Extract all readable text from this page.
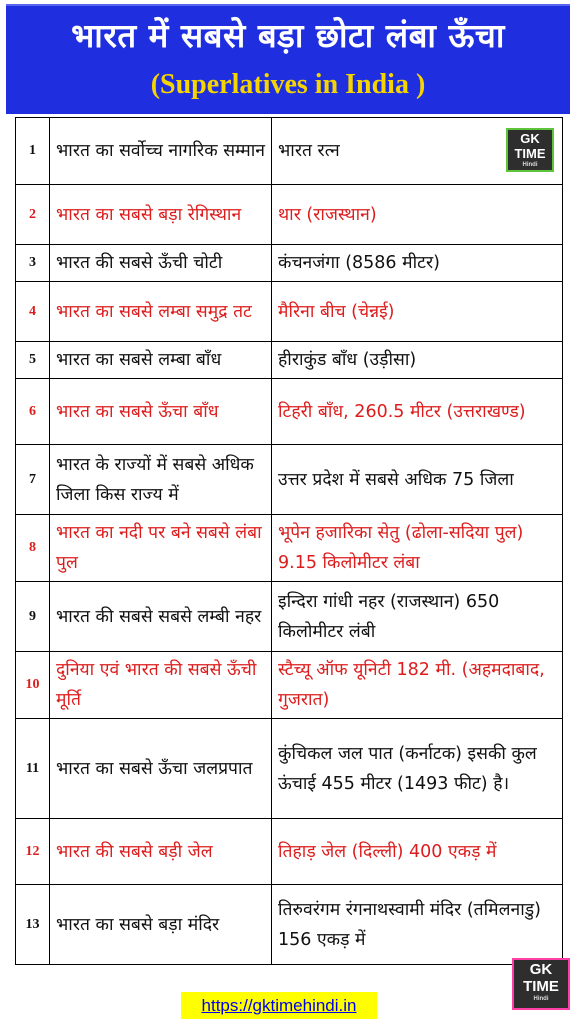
भारत में सबसे बड़ा छोटा लंबा ऊँचा
(Superlatives in India )
1	भारत का सर्वोच्च नागरिक सम्मान	भारत रत्न
GK
TIME
Hindi

2	भारत का सबसे बड़ा रेगिस्थान	थार (राजस्थान)
3	भारत की सबसे ऊँची चोटी	कंचनजंगा (8586 मीटर)
4	भारत का सबसे लम्बा समुद्र तट	मैरिना बीच (चेन्नई)
5	भारत का सबसे लम्बा बाँध	हीराकुंड बाँध (उड़ीसा)
6	भारत का सबसे ऊँचा बाँध	टिहरी बाँध, 260.5 मीटर (उत्तराखण्ड)
7	भारत के राज्यों में सबसे अधिक जिला किस राज्य में	उत्तर प्रदेश में सबसे अधिक 75 जिला
8	भारत का नदी पर बने सबसे लंबा पुल	भूपेन हजारिका सेतु (ढोला-सदिया पुल) 9.15 किलोमीटर लंबा
9	भारत की सबसे सबसे लम्बी नहर	इन्दिरा गांधी नहर (राजस्थान) 650 किलोमीटर लंबी
10	दुनिया एवं भारत की सबसे ऊँची मूर्ति	स्टैच्यू ऑफ यूनिटी 182 मी. (अहमदाबाद, गुजरात)
11	भारत का सबसे ऊँचा जलप्रपात	कुंचिकल जल पात (कर्नाटक) इसकी कुल ऊंचाई 455 मीटर (1493 फीट) है।
12	भारत की सबसे बड़ी जेल	तिहाड़ जेल (दिल्ली) 400 एकड़ में
13	भारत का सबसे बड़ा मंदिर	तिरुवरंगम रंगनाथस्वामी मंदिर (तमिलनाडु) 156 एकड़ में
GK
TIME
Hindi
https://gktimehindi.in
